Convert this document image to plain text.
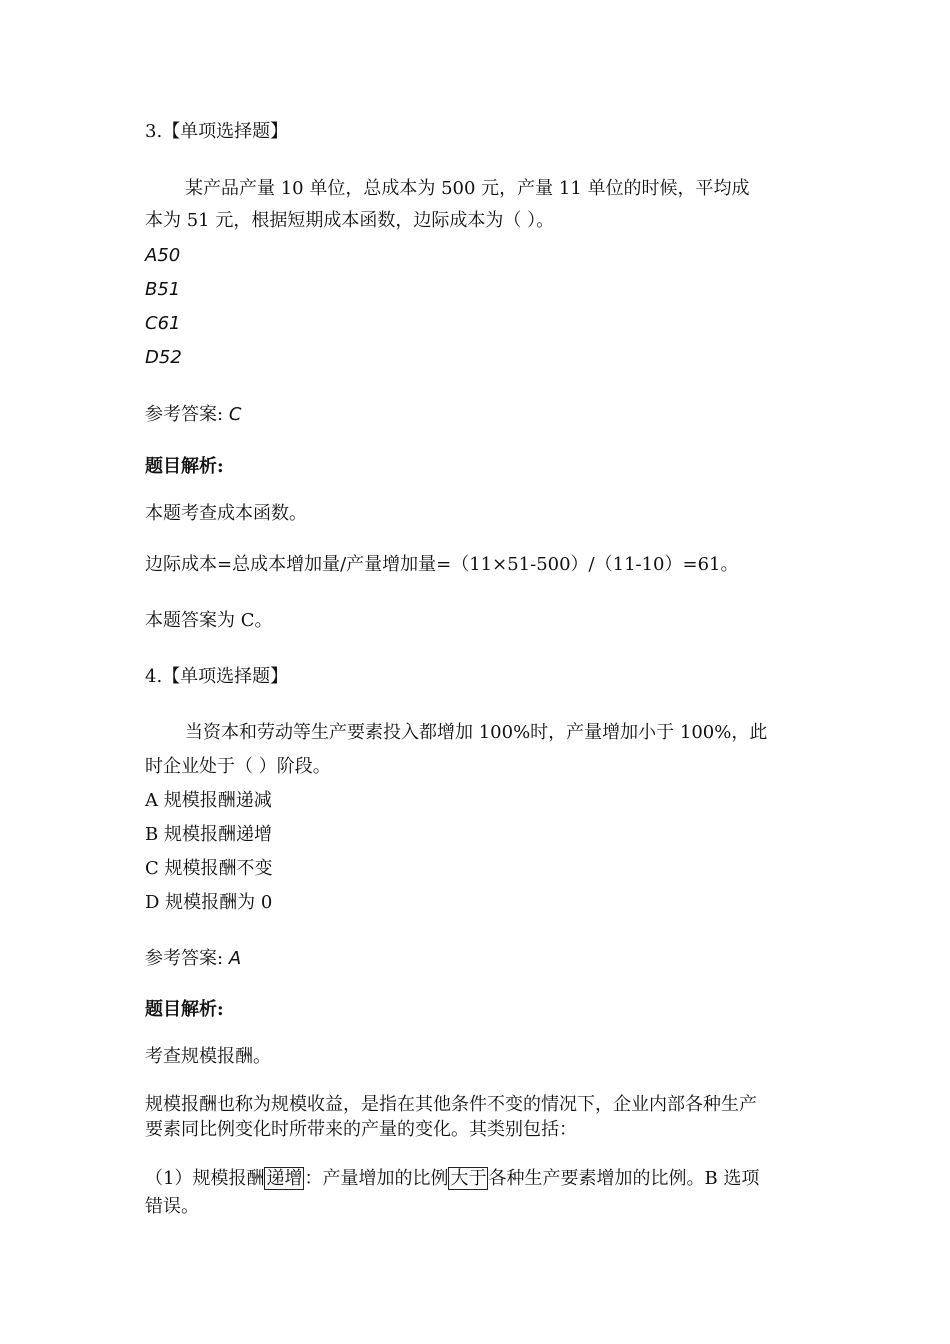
3.【单项选择题】
某产品产量 10 单位，总成本为 500 元，产量 11 单位的时候，平均成
本为 51 元，根据短期成本函数，边际成本为（ ）。
A50
B51
C61
D52
参考答案: C
题目解析:
本题考查成本函数。
边际成本=总成本增加量/产量增加量=（11×51-500）/（11-10）=61。
本题答案为 C。
4.【单项选择题】
当资本和劳动等生产要素投入都增加 100%时，产量增加小于 100%，此
时企业处于（ ）阶段。
A 规模报酬递减
B 规模报酬递增
C 规模报酬不变
D 规模报酬为 0
参考答案: A
题目解析:
考查规模报酬。
规模报酬也称为规模收益，是指在其他条件不变的情况下，企业内部各种生产
要素同比例变化时所带来的产量的变化。其类别包括：
（1）规模报酬 递增 ：产量增加的比例 大于 各种生产要素增加的比例。B 选项
错误。
